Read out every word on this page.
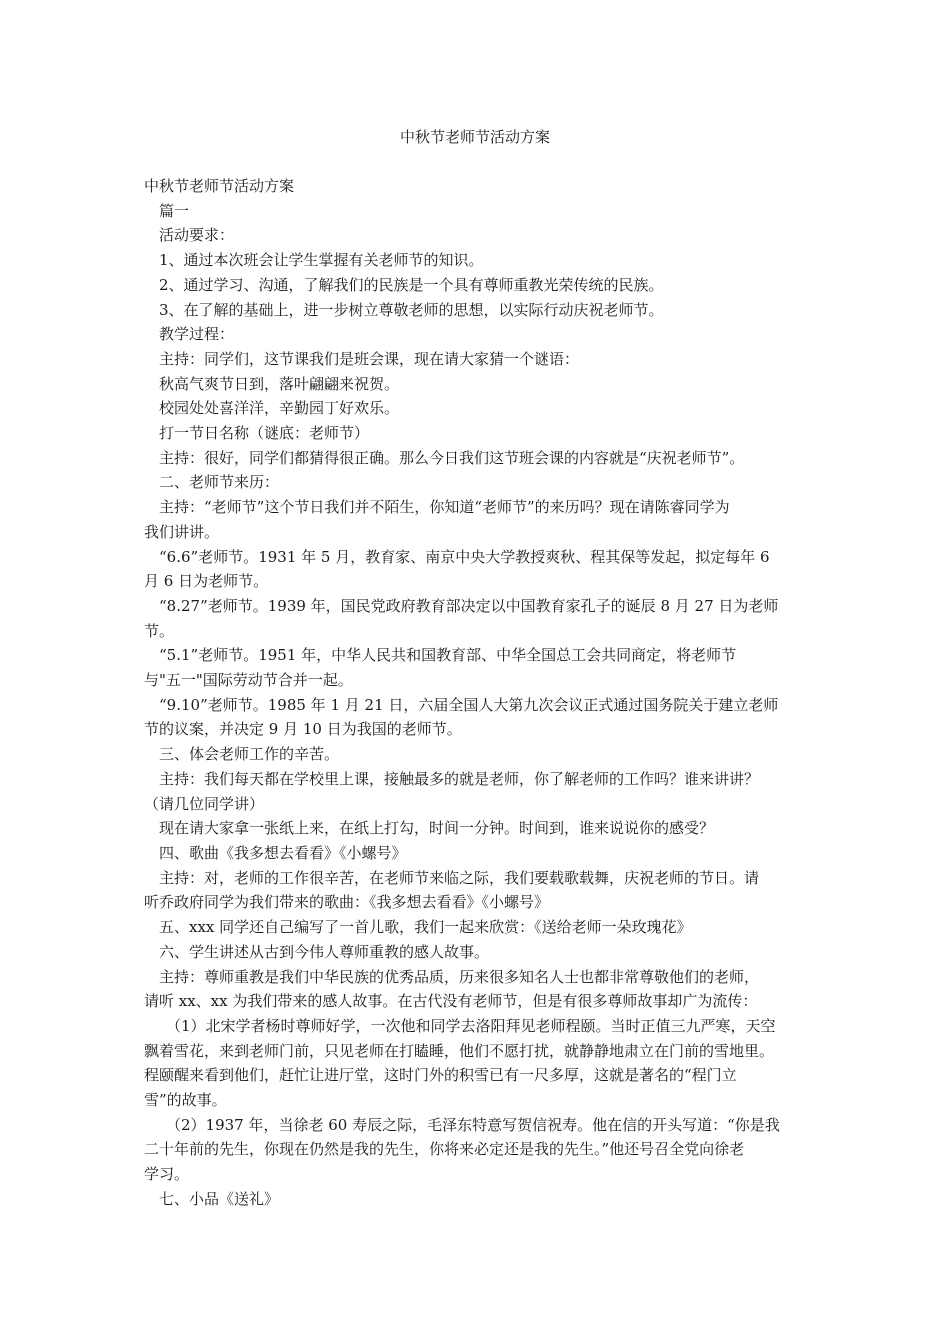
中秋节老师节活动方案
中秋节老师节活动方案
篇一
活动要求：
1、通过本次班会让学生掌握有关老师节的知识。
2、通过学习、沟通，了解我们的民族是一个具有尊师重教光荣传统的民族。
3、在了解的基础上，进一步树立尊敬老师的思想，以实际行动庆祝老师节。
教学过程：
主持：同学们，这节课我们是班会课，现在请大家猜一个谜语：
秋高气爽节日到，落叶翩翩来祝贺。
校园处处喜洋洋，辛勤园丁好欢乐。
打一节日名称（谜底：老师节）
主持：很好，同学们都猜得很正确。那么今日我们这节班会课的内容就是“庆祝老师节”。
二、老师节来历：
主持：“老师节”这个节日我们并不陌生，你知道“老师节”的来历吗？现在请陈睿同学为
我们讲讲。
“6.6”老师节。1931 年 5 月，教育家、南京中央大学教授爽秋、程其保等发起，拟定每年 6
月 6 日为老师节。
“8.27”老师节。1939 年，国民党政府教育部决定以中国教育家孔子的诞辰 8 月 27 日为老师
节。
“5.1”老师节。1951 年，中华人民共和国教育部、中华全国总工会共同商定，将老师节
与"五一"国际劳动节合并一起。
“9.10”老师节。1985 年 1 月 21 日，六届全国人大第九次会议正式通过国务院关于建立老师
节的议案，并决定 9 月 10 日为我国的老师节。
三、体会老师工作的辛苦。
主持：我们每天都在学校里上课，接触最多的就是老师，你了解老师的工作吗？谁来讲讲？
（请几位同学讲）
现在请大家拿一张纸上来，在纸上打勾，时间一分钟。时间到，谁来说说你的感受？
四、歌曲《我多想去看看》《小螺号》
主持：对，老师的工作很辛苦，在老师节来临之际，我们要载歌载舞，庆祝老师的节日。请
听乔政府同学为我们带来的歌曲：《我多想去看看》《小螺号》
五、xxx 同学还自己编写了一首儿歌，我们一起来欣赏：《送给老师一朵玫瑰花》
六、学生讲述从古到今伟人尊师重教的感人故事。
主持：尊师重教是我们中华民族的优秀品质，历来很多知名人士也都非常尊敬他们的老师，
请听 xx、xx 为我们带来的感人故事。在古代没有老师节，但是有很多尊师故事却广为流传：
（1）北宋学者杨时尊师好学，一次他和同学去洛阳拜见老师程颐。当时正值三九严寒，天空
飘着雪花，来到老师门前，只见老师在打瞌睡，他们不愿打扰，就静静地肃立在门前的雪地里。
程颐醒来看到他们，赶忙让进厅堂，这时门外的积雪已有一尺多厚，这就是著名的“程门立
雪”的故事。
（2）1937 年，当徐老 60 寿辰之际，毛泽东特意写贺信祝寿。他在信的开头写道：“你是我
二十年前的先生，你现在仍然是我的先生，你将来必定还是我的先生。”他还号召全党向徐老
学习。
七、小品《送礼》
